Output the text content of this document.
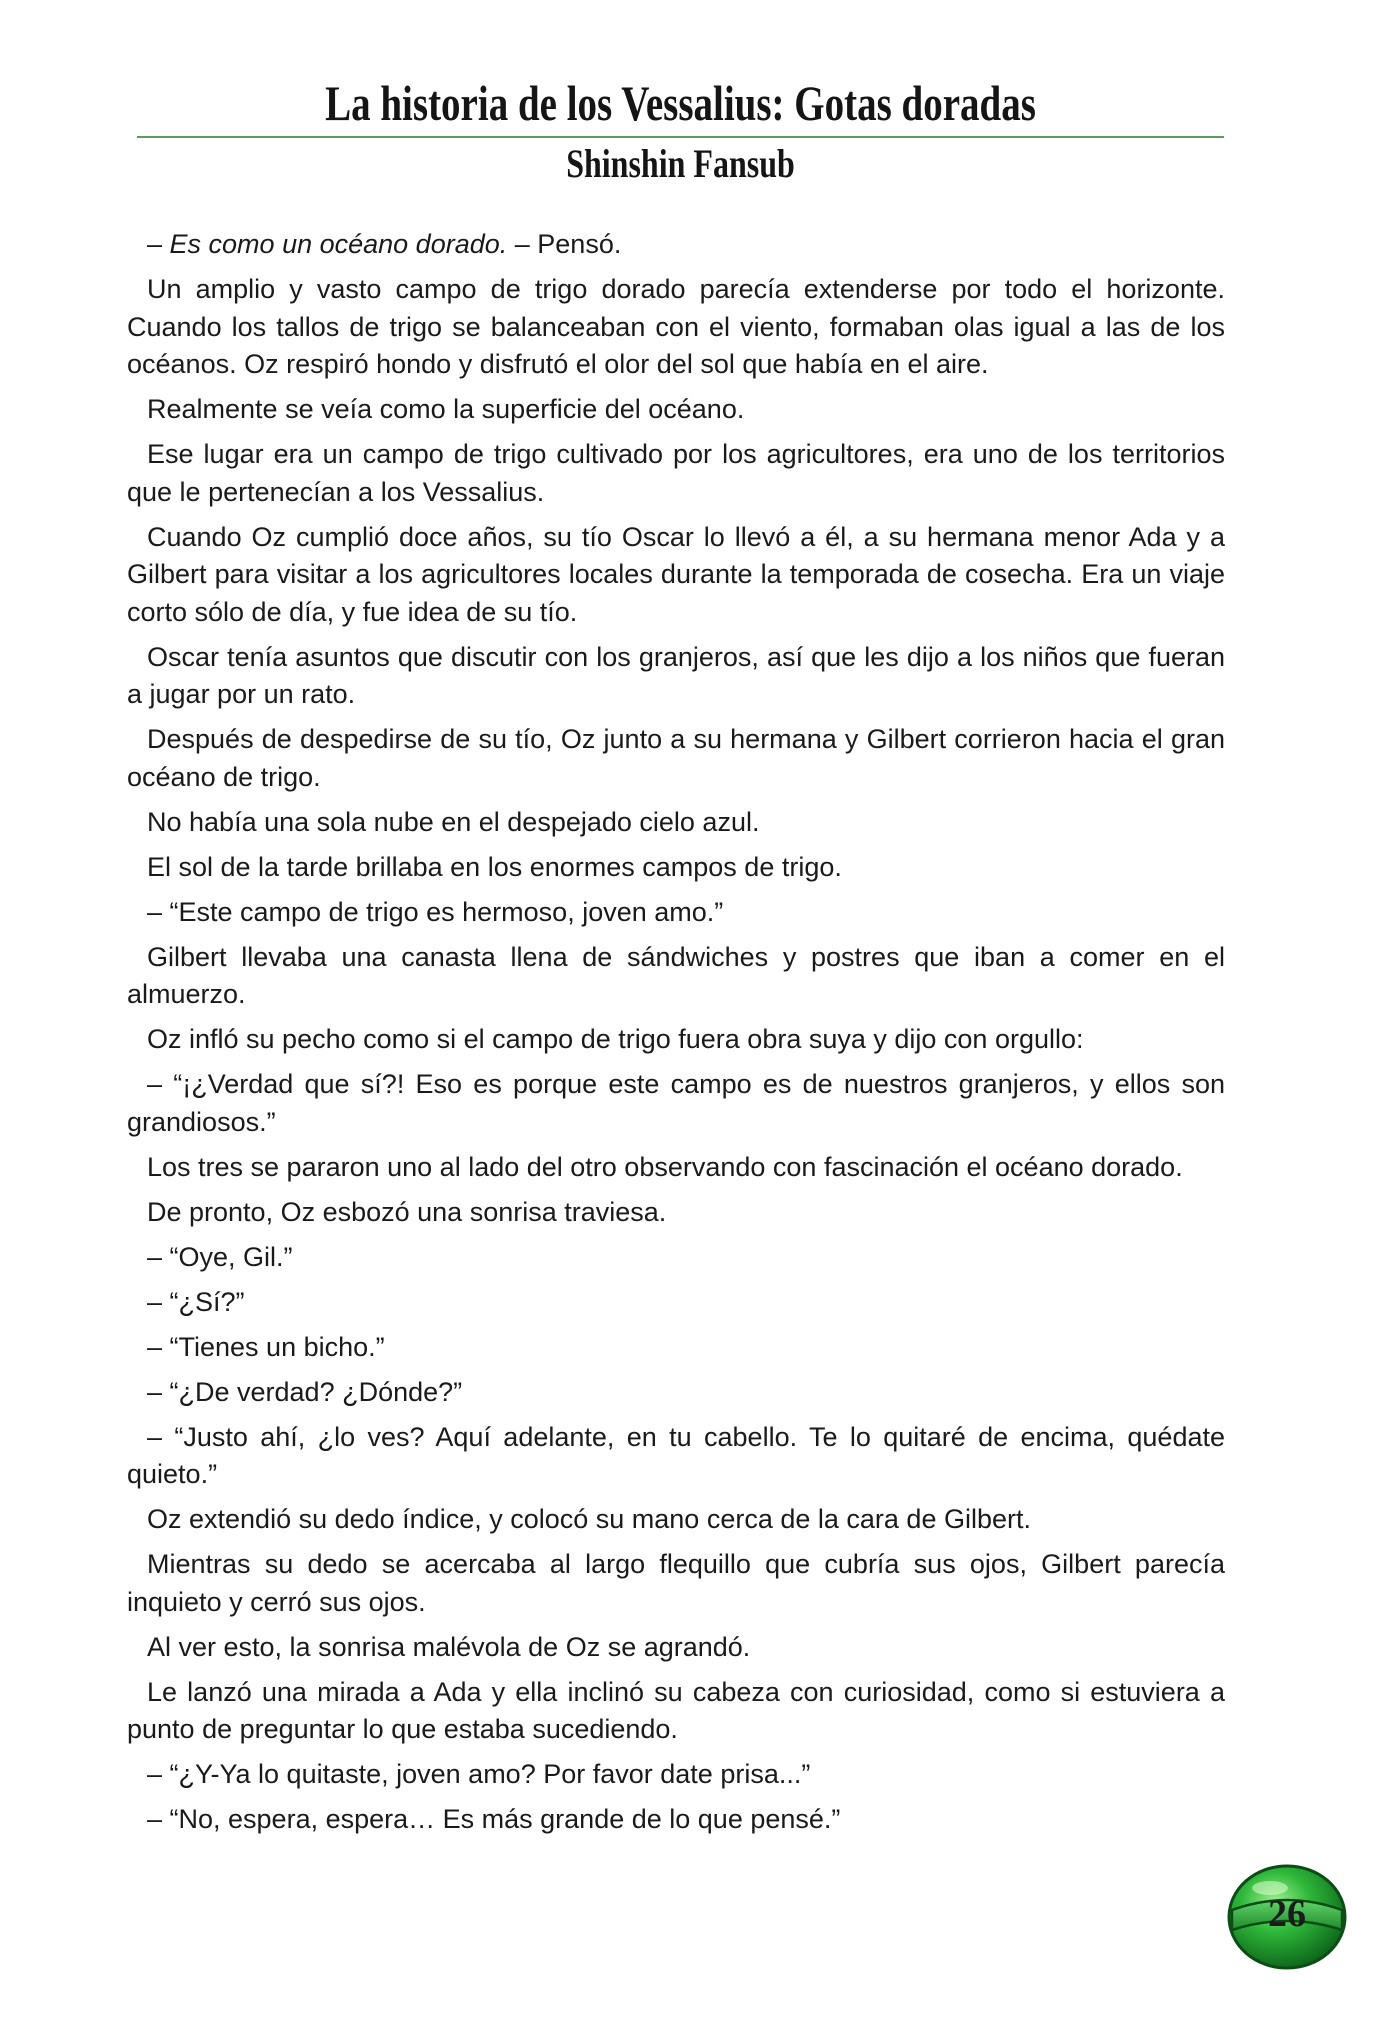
La historia de los Vessalius: Gotas doradas
Shinshin Fansub

– Es como un océano dorado. – Pensó.

Un amplio y vasto campo de trigo dorado parecía extenderse por todo el horizonte. Cuando los tallos de trigo se balanceaban con el viento, formaban olas igual a las de los océanos. Oz respiró hondo y disfrutó el olor del sol que había en el aire.

Realmente se veía como la superficie del océano.

Ese lugar era un campo de trigo cultivado por los agricultores, era uno de los territorios que le pertenecían a los Vessalius.

Cuando Oz cumplió doce años, su tío Oscar lo llevó a él, a su hermana menor Ada y a Gilbert para visitar a los agricultores locales durante la temporada de cosecha. Era un viaje corto sólo de día, y fue idea de su tío.

Oscar tenía asuntos que discutir con los granjeros, así que les dijo a los niños que fueran a jugar por un rato.

Después de despedirse de su tío, Oz junto a su hermana y Gilbert corrieron hacia el gran océano de trigo.

No había una sola nube en el despejado cielo azul.

El sol de la tarde brillaba en los enormes campos de trigo.

– “Este campo de trigo es hermoso, joven amo.”

Gilbert llevaba una canasta llena de sándwiches y postres que iban a comer en el almuerzo.

Oz infló su pecho como si el campo de trigo fuera obra suya y dijo con orgullo:

– “¡¿Verdad que sí?! Eso es porque este campo es de nuestros granjeros, y ellos son grandiosos.”

Los tres se pararon uno al lado del otro observando con fascinación el océano dorado.

De pronto, Oz esbozó una sonrisa traviesa.

– “Oye, Gil.”

– “¿Sí?”

– “Tienes un bicho.”

– “¿De verdad? ¿Dónde?”

– “Justo ahí, ¿lo ves? Aquí adelante, en tu cabello. Te lo quitaré de encima, quédate quieto.”

Oz extendió su dedo índice, y colocó su mano cerca de la cara de Gilbert.

Mientras su dedo se acercaba al largo flequillo que cubría sus ojos, Gilbert parecía inquieto y cerró sus ojos.

Al ver esto, la sonrisa malévola de Oz se agrandó.

Le lanzó una mirada a Ada y ella inclinó su cabeza con curiosidad, como si estuviera a punto de preguntar lo que estaba sucediendo.

– “¿Y-Ya lo quitaste, joven amo? Por favor date prisa...”

– “No, espera, espera… Es más grande de lo que pensé.”

26
